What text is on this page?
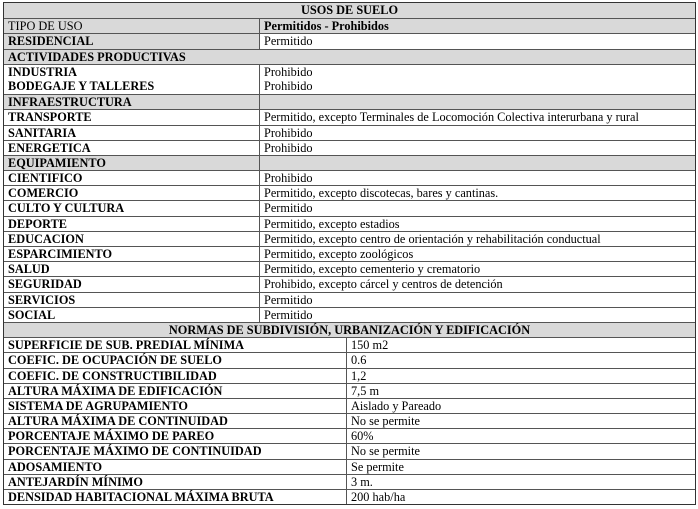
USOS DE SUELO
TIPO DE USO	Permitidos - Prohibidos
RESIDENCIAL	Permitido
ACTIVIDADES PRODUCTIVAS
INDUSTRIA	Prohibido
BODEGAJE Y TALLERES	Prohibido
INFRAESTRUCTURA
TRANSPORTE	Permitido, excepto Terminales de Locomoción Colectiva interurbana y rural
SANITARIA	Prohibido
ENERGETICA	Prohibido
EQUIPAMIENTO
CIENTIFICO	Prohibido
COMERCIO	Permitido, excepto discotecas, bares y cantinas.
CULTO Y CULTURA	Permitido
DEPORTE	Permitido, excepto estadios
EDUCACION	Permitido, excepto centro de orientación y rehabilitación conductual
ESPARCIMIENTO	Permitido, excepto zoológicos
SALUD	Permitido, excepto cementerio y crematorio
SEGURIDAD	Prohibido, excepto cárcel y centros de detención
SERVICIOS	Permitido
SOCIAL	Permitido
NORMAS DE SUBDIVISIÓN, URBANIZACIÓN Y EDIFICACIÓN
SUPERFICIE DE SUB. PREDIAL MÍNIMA	150 m2
COEFIC. DE OCUPACIÓN DE SUELO	0.6
COEFIC. DE CONSTRUCTIBILIDAD	1,2
ALTURA MÁXIMA DE EDIFICACIÓN	7,5 m
SISTEMA DE AGRUPAMIENTO	Aislado y Pareado
ALTURA MÁXIMA DE CONTINUIDAD	No se permite
PORCENTAJE MÁXIMO DE PAREO	60%
PORCENTAJE MÁXIMO DE CONTINUIDAD	No se permite
ADOSAMIENTO	Se permite
ANTEJARDÍN MÍNIMO	3 m.
DENSIDAD HABITACIONAL MÁXIMA BRUTA	200 hab/ha
